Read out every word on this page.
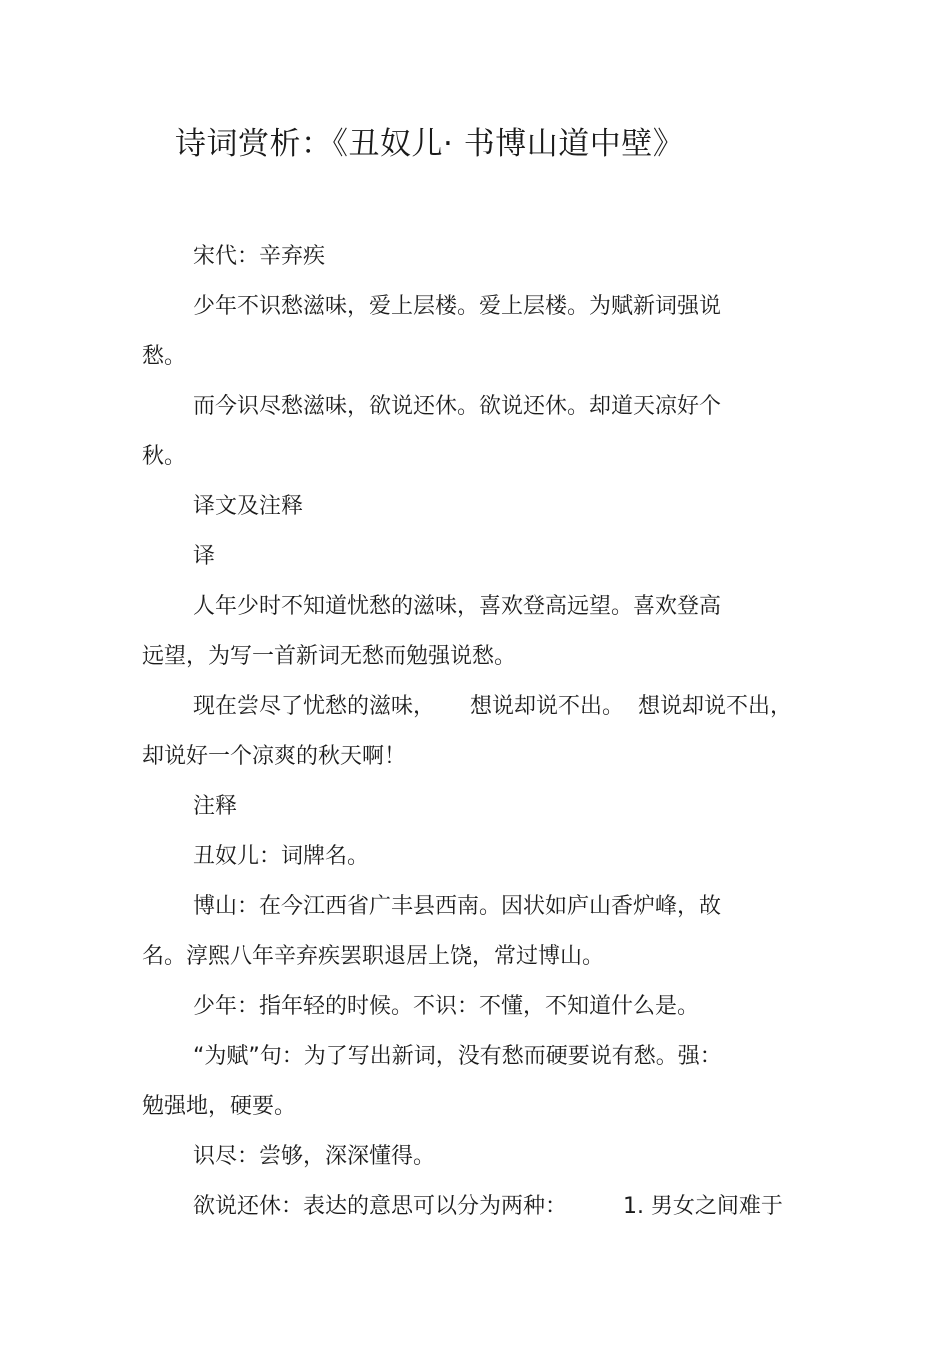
诗词赏析：《丑奴儿· 书博山道中壁》
宋代：辛弃疾
少年不识愁滋味，爱上层楼。爱上层楼。为赋新词强说
愁。
而今识尽愁滋味，欲说还休。欲说还休。却道天凉好个
秋。
译文及注释
译
人年少时不知道忧愁的滋味，喜欢登高远望。喜欢登高
远望，为写一首新词无愁而勉强说愁。
现在尝尽了忧愁的滋味，     想说却说不出。  想说却说不出，
却说好一个凉爽的秋天啊！
注释
丑奴儿：词牌名。
博山：在今江西省广丰县西南。因状如庐山香炉峰，故
名。淳熙八年辛弃疾罢职退居上饶，常过博山。
少年：指年轻的时候。不识：不懂，不知道什么是。
“为赋”句：为了写出新词，没有愁而硬要说有愁。强：
勉强地，硬要。
识尽：尝够，深深懂得。
欲说还休：表达的意思可以分为两种：        1. 男女之间难于
